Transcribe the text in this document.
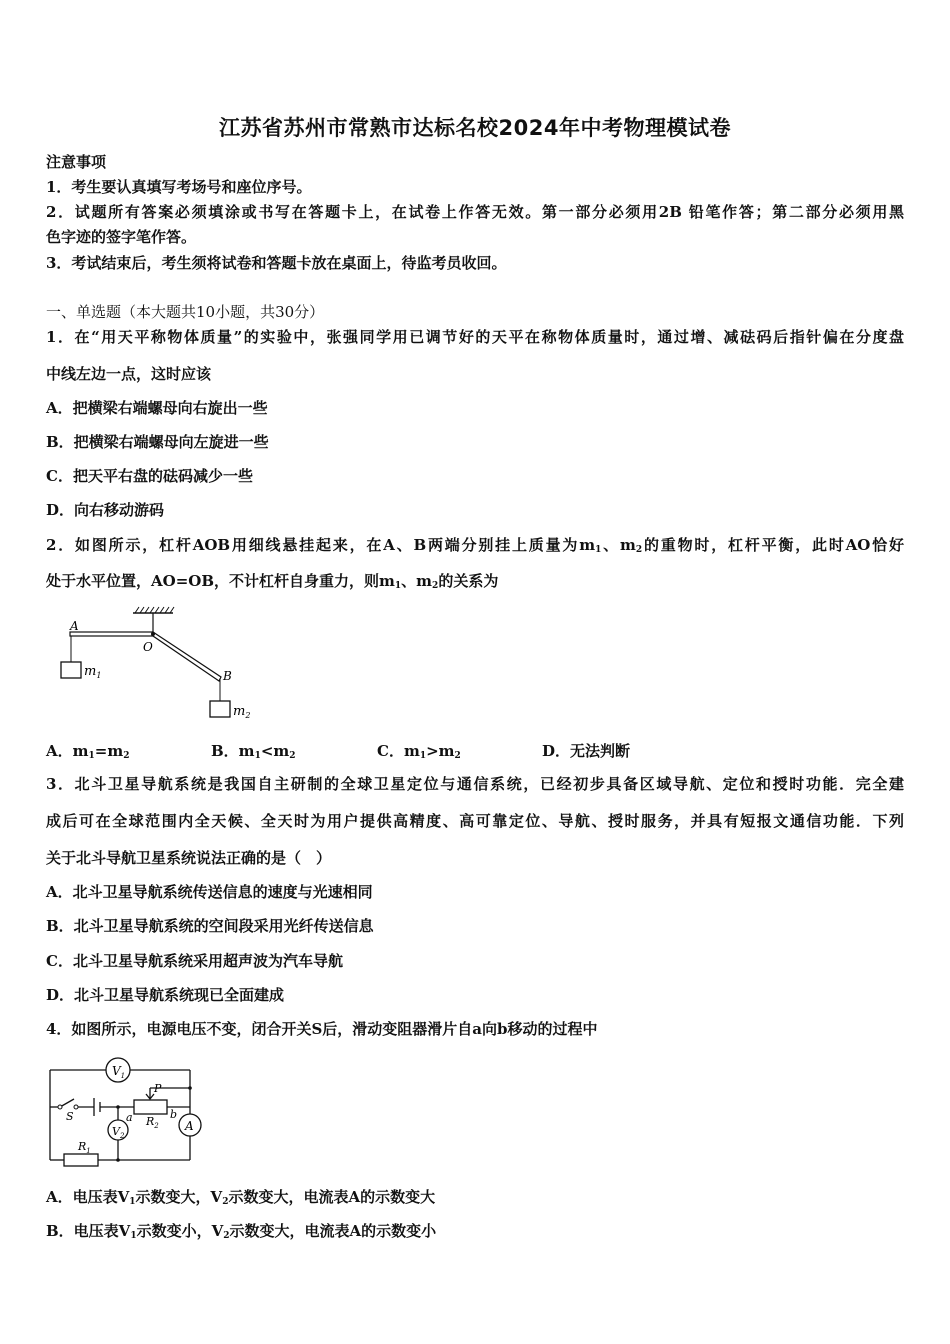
江苏省苏州市常熟市达标名校2024年中考物理模试卷
注意事项
1．考生要认真填写考场号和座位序号。
2．试题所有答案必须填涂或书写在答题卡上，在试卷上作答无效。第一部分必须用2B 铅笔作答；第二部分必须用黑
色字迹的签字笔作答。
3．考试结束后，考生须将试卷和答题卡放在桌面上，待监考员收回。
一、单选题（本大题共10小题，共30分）
1．在“用天平称物体质量”的实验中，张强同学用已调节好的天平在称物体质量时，通过增、减砝码后指针偏在分度盘
中线左边一点，这时应该
A．把横梁右端螺母向右旋出一些
B．把横梁右端螺母向左旋进一些
C．把天平右盘的砝码减少一些
D．向右移动游码
2．如图所示，杠杆AOB用细线悬挂起来，在A、B两端分别挂上质量为$m_1$、$m_2$的重物时，杠杆平衡，此时AO恰好
处于水平位置，AO=OB，不计杠杆自身重力，则$m_1$、$m_2$的关系为
A
O
B
$m_1$
$m_2$
A．$m_1=m_2$	B．$m_1<m_2$	C．$m_1>m_2$	D．无法判断
3．北斗卫星导航系统是我国自主研制的全球卫星定位与通信系统，已经初步具备区域导航、定位和授时功能．完全建
成后可在全球范围内全天候、全天时为用户提供高精度、高可靠定位、导航、授时服务，并具有短报文通信功能．下列
关于北斗导航卫星系统说法正确的是（　）
A．北斗卫星导航系统传送信息的速度与光速相同
B．北斗卫星导航系统的空间段采用光纤传送信息
C．北斗卫星导航系统采用超声波为汽车导航
D．北斗卫星导航系统现已全面建成
4．如图所示，电源电压不变，闭合开关S后，滑动变阻器滑片自a向b移动的过程中
$V_1$
$V_2$
A
S
P
a	b
$R_2$
$R_1$
A．电压表$V_1$示数变大，$V_2$示数变大，电流表A的示数变大
B．电压表$V_1$示数变小，$V_2$示数变大，电流表A的示数变小
